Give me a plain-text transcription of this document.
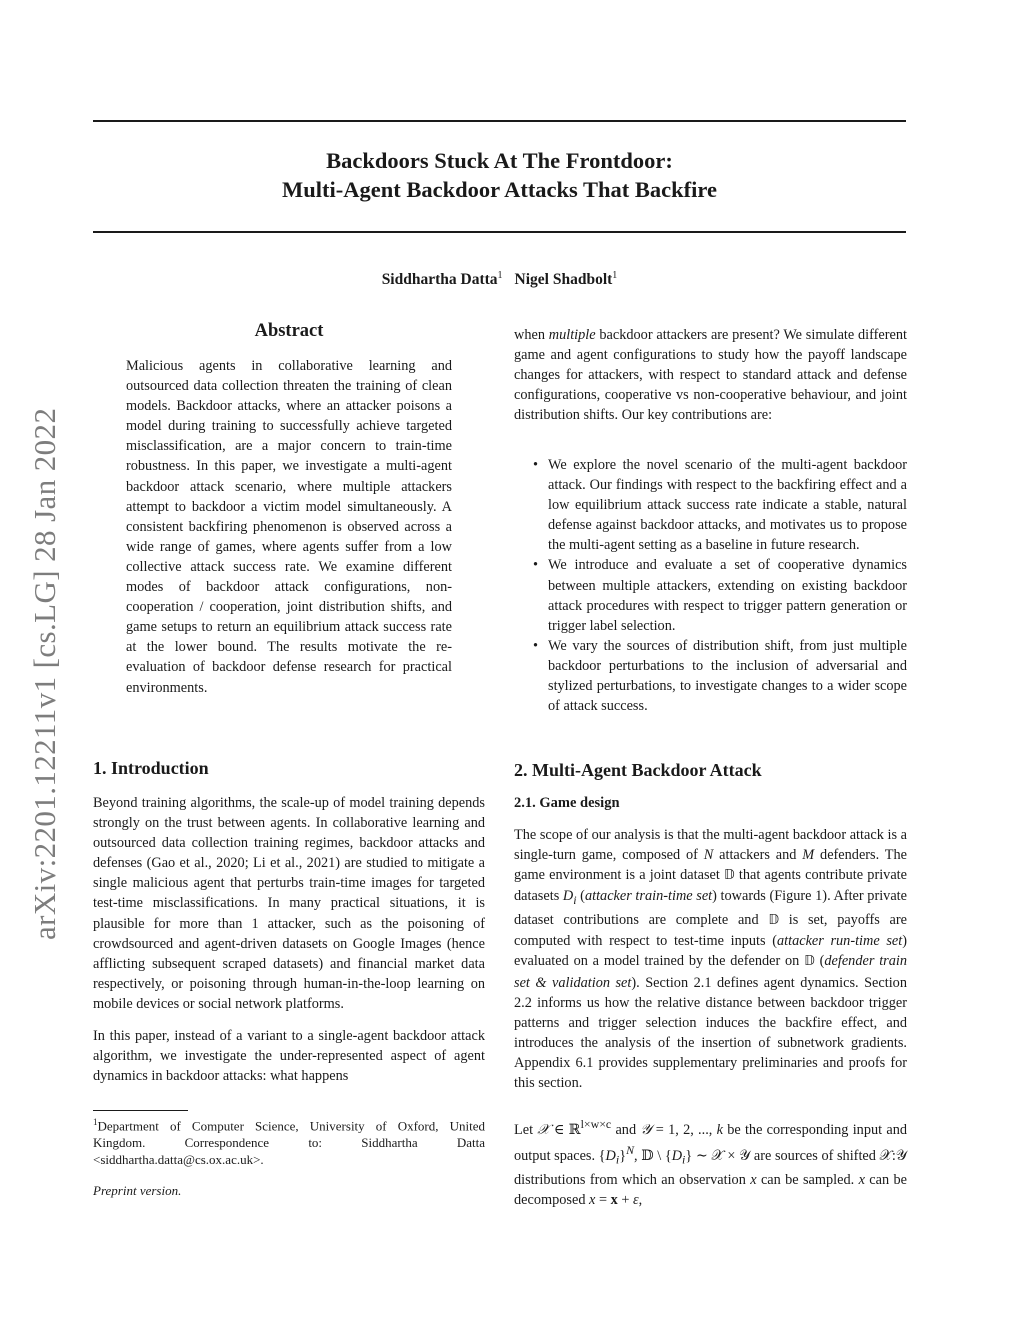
arXiv:2201.12211v1 [cs.LG] 28 Jan 2022
Backdoors Stuck At The Frontdoor:
Multi-Agent Backdoor Attacks That Backfire
Siddhartha Datta$^1$ Nigel Shadbolt$^1$
Abstract

Malicious agents in collaborative learning and outsourced data collection threaten the training of clean models. Backdoor attacks, where an attacker poisons a model during training to successfully achieve targeted misclassification, are a major concern to train-time robustness. In this paper, we investigate a multi-agent backdoor attack scenario, where multiple attackers attempt to backdoor a victim model simultaneously. A consistent backfiring phenomenon is observed across a wide range of games, where agents suffer from a low collective attack success rate. We examine different modes of backdoor attack configurations, non-cooperation / cooperation, joint distribution shifts, and game setups to return an equilibrium attack success rate at the lower bound. The results motivate the re-evaluation of backdoor defense research for practical environments.

1. Introduction

Beyond training algorithms, the scale-up of model training depends strongly on the trust between agents. In collaborative learning and outsourced data collection training regimes, backdoor attacks and defenses (Gao et al., 2020; Li et al., 2021) are studied to mitigate a single malicious agent that perturbs train-time images for targeted test-time misclassifications. In many practical situations, it is plausible for more than 1 attacker, such as the poisoning of crowdsourced and agent-driven datasets on Google Images (hence afflicting subsequent scraped datasets) and financial market data respectively, or poisoning through human-in-the-loop learning on mobile devices or social network platforms.

In this paper, instead of a variant to a single-agent backdoor attack algorithm, we investigate the under-represented aspect of agent dynamics in backdoor attacks: what happens

$^1$Department of Computer Science, University of Oxford, United Kingdom. Correspondence to: Siddhartha Datta <siddhartha.datta@cs.ox.ac.uk>.
Preprint version.

when multiple backdoor attackers are present? We simulate different game and agent configurations to study how the payoff landscape changes for attackers, with respect to standard attack and defense configurations, cooperative vs non-cooperative behaviour, and joint distribution shifts. Our key contributions are:

• We explore the novel scenario of the multi-agent backdoor attack. Our findings with respect to the backfiring effect and a low equilibrium attack success rate indicate a stable, natural defense against backdoor attacks, and motivates us to propose the multi-agent setting as a baseline in future research.
• We introduce and evaluate a set of cooperative dynamics between multiple attackers, extending on existing backdoor attack procedures with respect to trigger pattern generation or trigger label selection.
• We vary the sources of distribution shift, from just multiple backdoor perturbations to the inclusion of adversarial and stylized perturbations, to investigate changes to a wider scope of attack success.
2. Multi-Agent Backdoor Attack
2.1. Game design

The scope of our analysis is that the multi-agent backdoor attack is a single-turn game, composed of N attackers and M defenders. The game environment is a joint dataset 𝔻 that agents contribute private datasets $D_i$ (attacker train-time set) towards (Figure 1). After private dataset contributions are complete and 𝔻 is set, payoffs are computed with respect to test-time inputs (attacker run-time set) evaluated on a model trained by the defender on 𝔻 (defender train set & validation set). Section 2.1 defines agent dynamics. Section 2.2 informs us how the relative distance between backdoor trigger patterns and trigger selection induces the backfire effect, and introduces the analysis of the insertion of subnetwork gradients. Appendix 6.1 provides supplementary preliminaries and proofs for this section.

Let 𝒳 ∈ ℝ$^{l\times w\times c}$ and 𝒴 = 1, 2, ..., k be the corresponding input and output spaces. $\{D_i\}^N$, 𝔻 \ $\{D_i\}$ ∼ 𝒳 × 𝒴 are sources of shifted 𝒳:𝒴 distributions from which an observation x can be sampled. x can be decomposed x = x + ε,
